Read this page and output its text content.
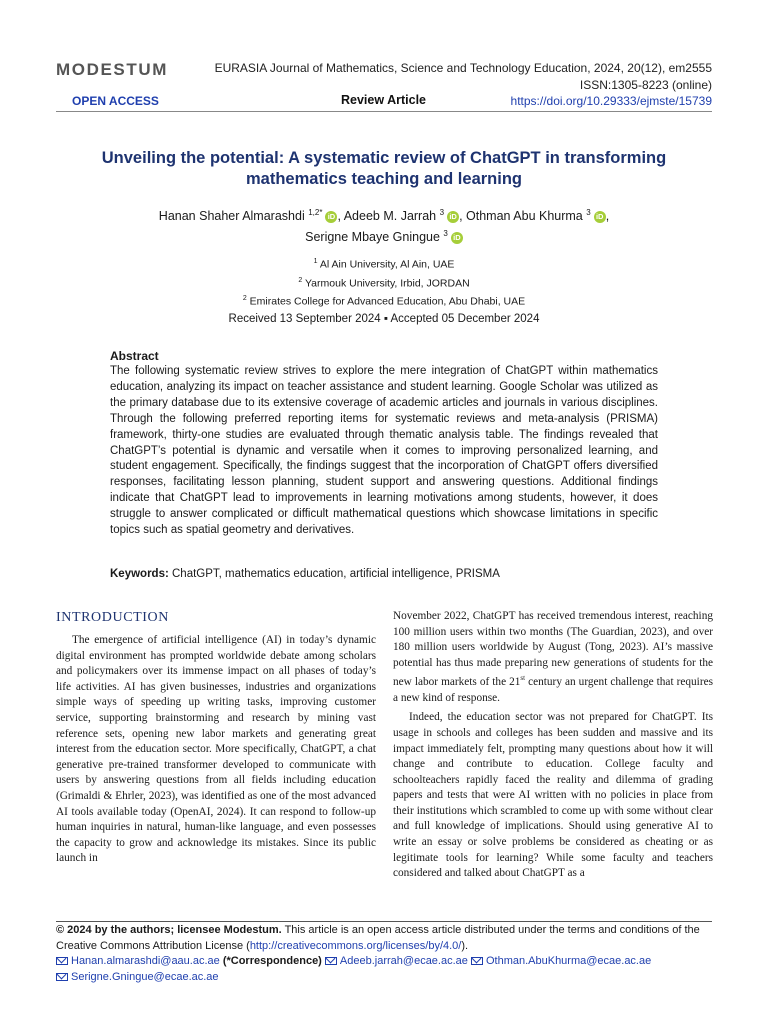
MODESTUM	EURASIA Journal of Mathematics, Science and Technology Education, 2024, 20(12), em2555
ISSN:1305-8223 (online)
OPEN ACCESS	Review Article	https://doi.org/10.29333/ejmste/15739
Unveiling the potential: A systematic review of ChatGPT in transforming mathematics teaching and learning
Hanan Shaher Almarashdi $^{1,2*}$ iD , Adeeb M. Jarrah $^3$ iD , Othman Abu Khurma $^3$ iD ,
Serigne Mbaye Gningue $^3$ iD
$^1$ Al Ain University, Al Ain, UAE
$^2$ Yarmouk University, Irbid, JORDAN
$^2$ Emirates College for Advanced Education, Abu Dhabi, UAE
Received 13 September 2024 ▪ Accepted 05 December 2024
Abstract
The following systematic review strives to explore the mere integration of ChatGPT within mathematics education, analyzing its impact on teacher assistance and student learning. Google Scholar was utilized as the primary database due to its extensive coverage of academic articles and journals in various disciplines. Through the following preferred reporting items for systematic reviews and meta-analysis (PRISMA) framework, thirty-one studies are evaluated through thematic analysis table. The findings revealed that ChatGPT’s potential is dynamic and versatile when it comes to improving personalized learning, and student engagement. Specifically, the findings suggest that the incorporation of ChatGPT offers diversified responses, facilitating lesson planning, student support and answering questions. Additional findings indicate that ChatGPT lead to improvements in learning motivations among students, however, it does struggle to answer complicated or difficult mathematical questions which showcase limitations in specific topics such as spatial geometry and derivatives.
Keywords: ChatGPT, mathematics education, artificial intelligence, PRISMA
INTRODUCTION

The emergence of artificial intelligence (AI) in today’s dynamic digital environment has prompted worldwide debate among scholars and policymakers over its immense impact on all phases of today’s life activities. AI has given businesses, industries and organizations simple ways of speeding up writing tasks, improving customer service, supporting brainstorming and research by mining vast reference sets, opening new labor markets and generating great interest from the education sector. More specifically, ChatGPT, a chat generative pre-trained transformer developed to communicate with users by answering questions from all fields including education (Grimaldi & Ehrler, 2023), was identified as one of the most advanced AI tools available today (OpenAI, 2024). It can respond to follow-up human inquiries in natural, human-like language, and even possesses the capacity to grow and acknowledge its mistakes. Since its public launch in

November 2022, ChatGPT has received tremendous interest, reaching 100 million users within two months (The Guardian, 2023), and over 180 million users worldwide by August (Tong, 2023). AI’s massive potential has thus made preparing new generations of students for the new labor markets of the 21st century an urgent challenge that requires a new kind of response.

Indeed, the education sector was not prepared for ChatGPT. Its usage in schools and colleges has been sudden and massive and its impact immediately felt, prompting many questions about how it will change and contribute to education. College faculty and schoolteachers rapidly faced the reality and dilemma of grading papers and tests that were AI written with no policies in place from their institutions which scrambled to come up with some without clear and full knowledge of implications. Should using generative AI to write an essay or solve problems be considered as cheating or as legitimate tools for learning? While some faculty and teachers considered and talked about ChatGPT as a

© 2024 by the authors; licensee Modestum. This article is an open access article distributed under the terms and conditions of the Creative Commons Attribution License (http://creativecommons.org/licenses/by/4.0/).
Hanan.almarashdi@aau.ac.ae (*Correspondence) Adeeb.jarrah@ecae.ac.ae Othman.AbuKhurma@ecae.ac.ae
Serigne.Gningue@ecae.ac.ae
